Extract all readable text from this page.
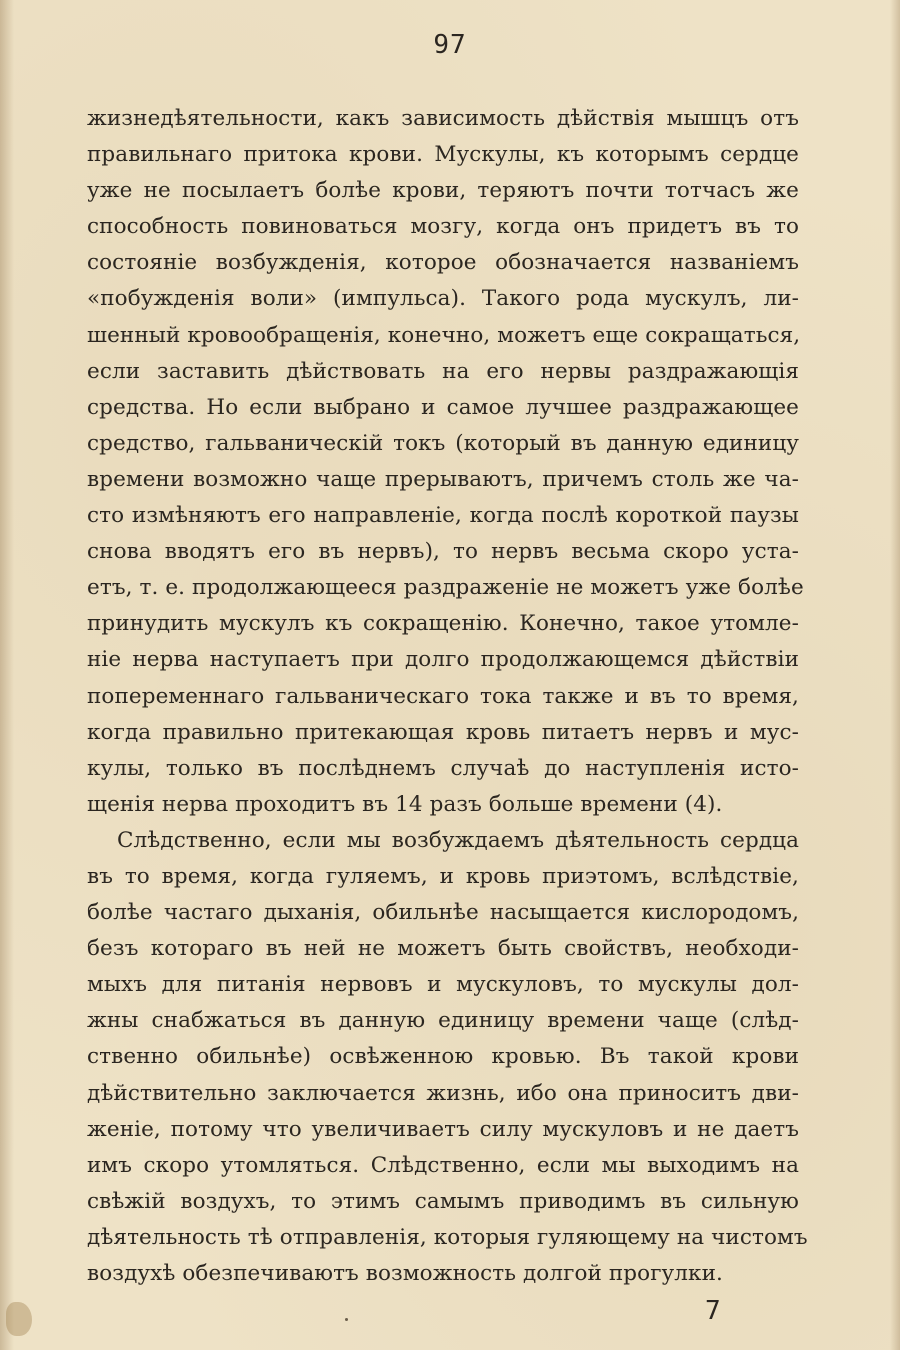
97
жизнедѣятельности, какъ зависимость дѣйствія мышцъ отъ
правильнаго притока крови. Мускулы, къ которымъ сердце
уже не посылаетъ болѣе крови, теряютъ почти тотчасъ же
способность повиноваться мозгу, когда онъ придетъ въ то
состояніе возбужденія, которое обозначается названіемъ
«побужденія воли» (импульса). Такого рода мускулъ, ли-
шенный кровообращенія, конечно, можетъ еще сокращаться,
если заставить дѣйствовать на его нервы раздражающія
средства. Но если выбрано и самое лучшее раздражающее
средство, гальваническій токъ (который въ данную единицу
времени возможно чаще прерываютъ, причемъ столь же ча-
сто измѣняютъ его направленіе, когда послѣ короткой паузы
снова вводятъ его въ нервъ), то нервъ весьма скоро уста-
етъ, т. е. продолжающееся раздраженіе не можетъ уже болѣе
принудить мускулъ къ сокращенію. Конечно, такое утомле-
ніе нерва наступаетъ при долго продолжающемся дѣйствіи
попеременнаго гальваническаго тока также и въ то время,
когда правильно притекающая кровь питаетъ нервъ и мус-
кулы, только въ послѣднемъ случаѣ до наступленія исто-
щенія нерва проходитъ въ 14 разъ больше времени (4).
Слѣдственно, если мы возбуждаемъ дѣятельность сердца
въ то время, когда гуляемъ, и кровь приэтомъ, вслѣдствіе,
болѣе частаго дыханія, обильнѣе насыщается кислородомъ,
безъ котораго въ ней не можетъ быть свойствъ, необходи-
мыхъ для питанія нервовъ и мускуловъ, то мускулы дол-
жны снабжаться въ данную единицу времени чаще (слѣд-
ственно обильнѣе) освѣженною кровью. Въ такой крови
дѣйствительно заключается жизнь, ибо она приноситъ дви-
женіе, потому что увеличиваетъ силу мускуловъ и не даетъ
имъ скоро утомляться. Слѣдственно, если мы выходимъ на
свѣжій воздухъ, то этимъ самымъ приводимъ въ сильную
дѣятельность тѣ отправленія, которыя гуляющему на чистомъ
воздухѣ обезпечиваютъ возможность долгой прогулки.
7
